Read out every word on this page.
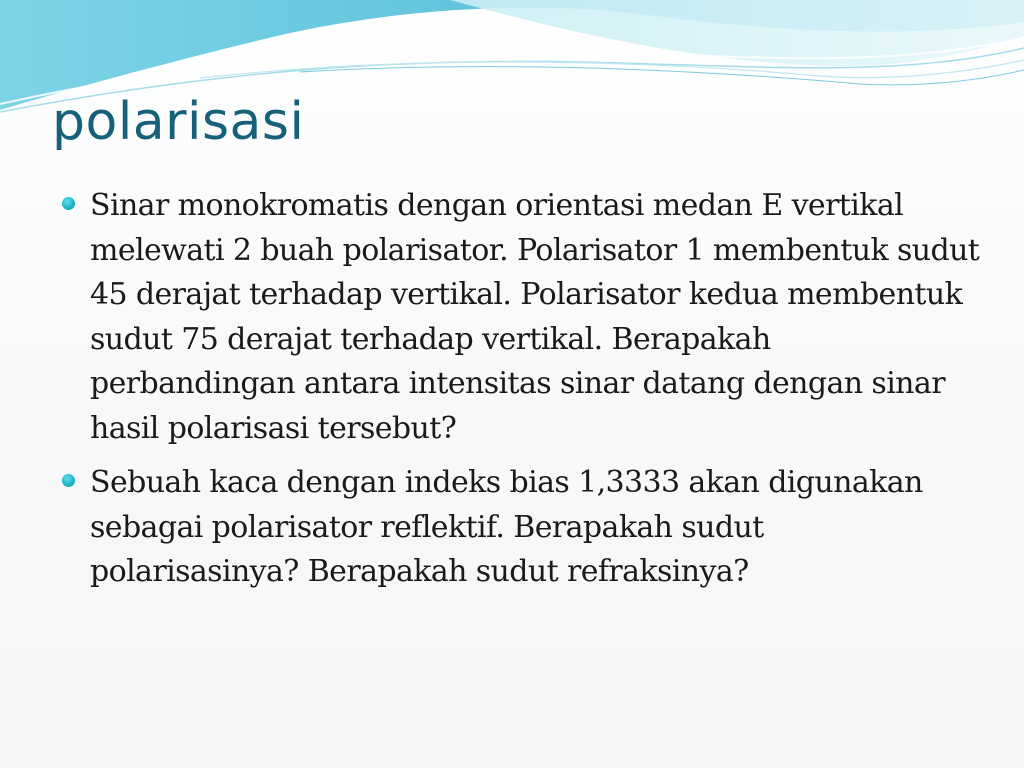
polarisasi
Sinar monokromatis dengan orientasi medan E vertikal melewati 2 buah polarisator. Polarisator 1 membentuk sudut 45 derajat terhadap vertikal. Polarisator kedua membentuk sudut 75 derajat terhadap vertikal. Berapakah perbandingan antara intensitas sinar datang dengan sinar hasil polarisasi tersebut?
Sebuah kaca dengan indeks bias 1,3333 akan digunakan sebagai polarisator reflektif. Berapakah sudut polarisasinya? Berapakah sudut refraksinya?
